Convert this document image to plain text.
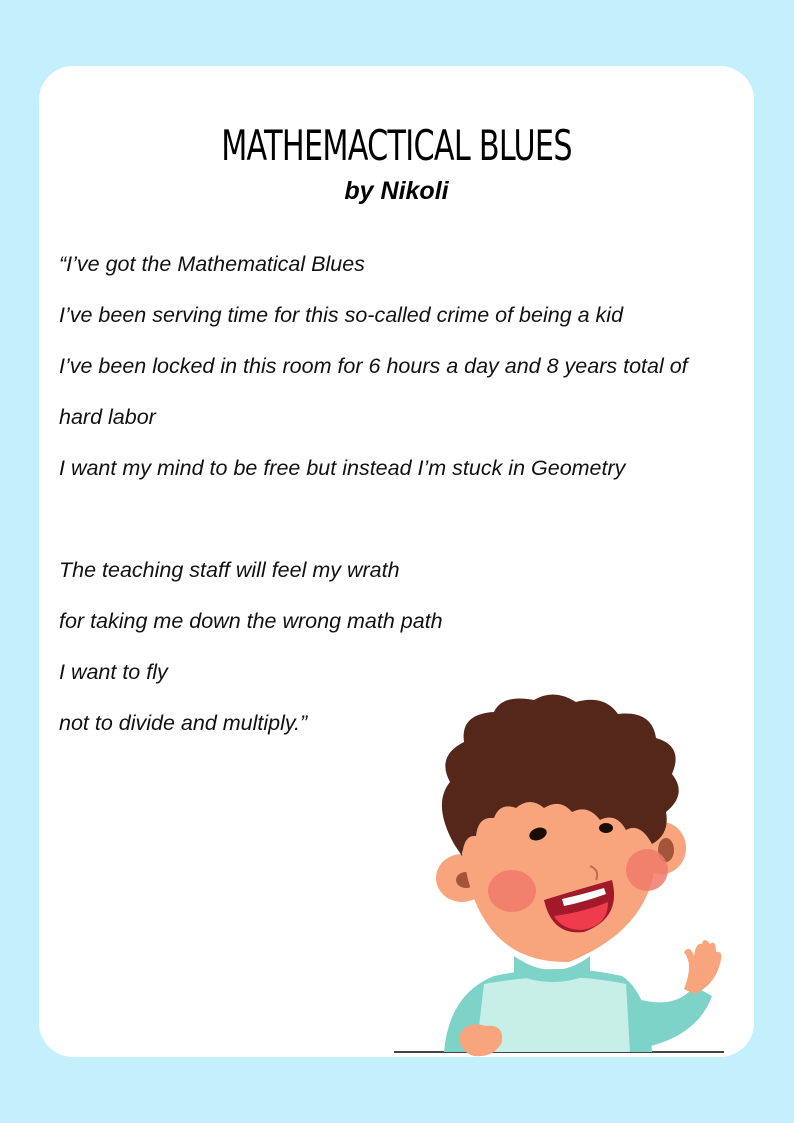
MATHEMACTICAL BLUES
by Nikoli
“I’ve got the Mathematical Blues
I’ve been serving time for this so-called crime of being a kid
I’ve been locked in this room for 6 hours a day and 8 years total of
hard labor
I want my mind to be free but instead I’m stuck in Geometry
The teaching staff will feel my wrath
for taking me down the wrong math path
I want to fly
not to divide and multiply.”
